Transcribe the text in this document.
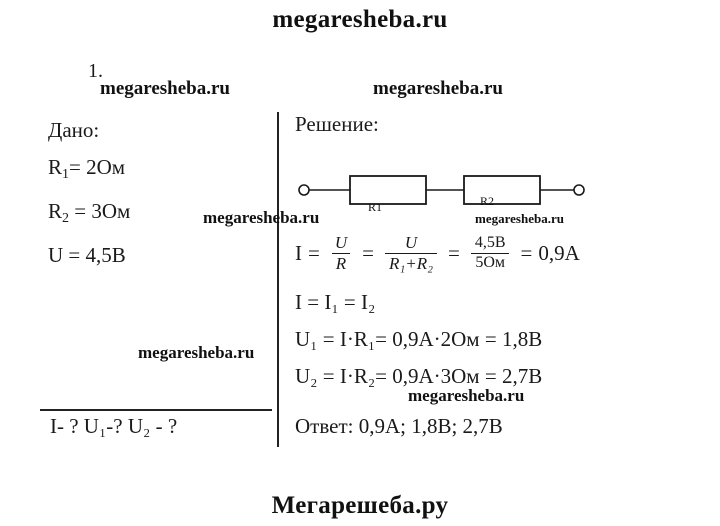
megaresheba.ru
1.
megaresheba.ru	megaresheba.ru
Дано:
$R_1= 2Ом$
$R_2 = 3Ом$
U = 4,5В
I- ? U₁-? U₂ - ?
Решение:
R1	R2
megaresheba.ru	megaresheba.ru
$I = \frac{U}{R} = \frac{U}{\text{R₁+R₂}} = \frac{4,5В}{5Ом} = 0,9А$
I = I₁ = I₂
U₁ = I·R₁= 0,9А·2Ом = 1,8В
U₂ = I·R₂= 0,9А·3Ом = 2,7В
megaresheba.ru
megaresheba.ru
Ответ: 0,9А; 1,8В; 2,7В
Мегарешеба.ру
